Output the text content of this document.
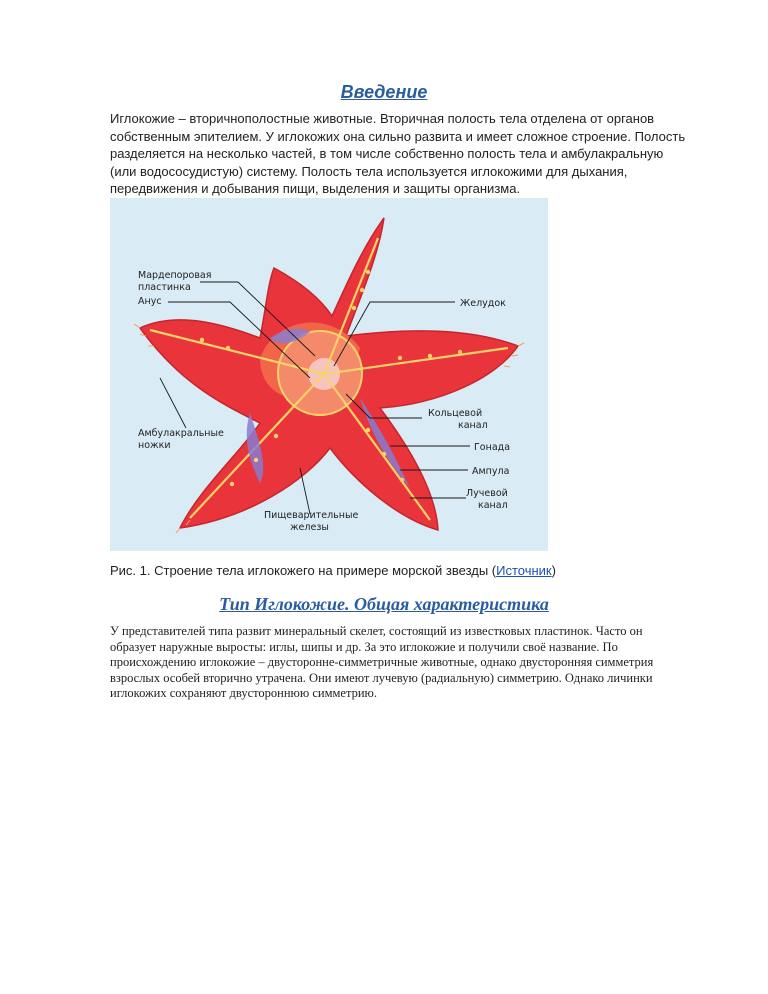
Введение
Иглокожие – вторичнополостные животные. Вторичная полость тела отделена от органов
собственным эпителием. У иглокожих она сильно развита и имеет сложное строение. Полость
разделяется на несколько частей, в том числе собственно полость тела и амбулакральную
(или водососудистую) систему. Полость тела используется иглокожими для дыхания,
передвижения и добывания пищи, выделения и защиты организма.
Мардепоровая
пластинка
Анус	Желудок
Кольцевой
канал
Гонада
Ампула
Лучевой
канал
Амбулакральные
ножки
Пищеварительные
железы

Рис. 1. Строение тела иглокожего на примере морской звезды (Источник)

Тип Иглокожие. Общая характеристика
У представителей типа развит минеральный скелет, состоящий из известковых пластинок. Часто он
образует наружные выросты: иглы, шипы и др. За это иглокожие и получили своё название. По
происхождению иглокожие – двусторонне-симметричные животные, однако двусторонняя симметрия
взрослых особей вторично утрачена. Они имеют лучевую (радиальную) симметрию. Однако личинки
иглокожих сохраняют двустороннюю симметрию.
